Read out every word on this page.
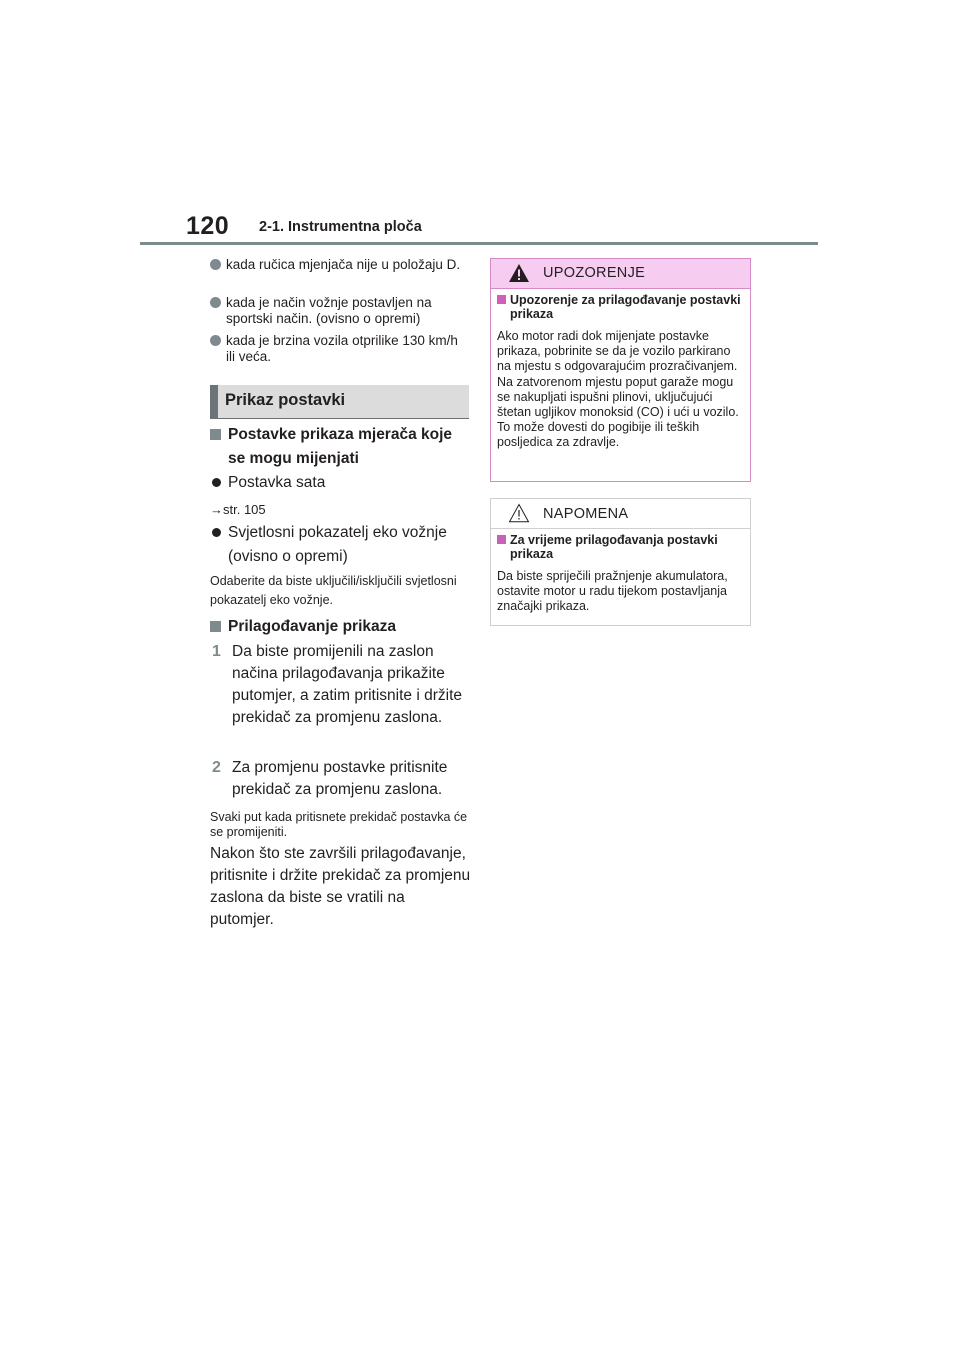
120 2-1. Instrumentna ploča
kada ručica mjenjača nije u položaju D.
kada je način vožnje postavljen na sportski način. (ovisno o opremi)
kada je brzina vozila otprilike 130 km/h ili veća.
Prikaz postavki
Postavke prikaza mjerača koje se mogu mijenjati
Postavka sata
→str. 105
Svjetlosni pokazatelj eko vožnje (ovisno o opremi)
Odaberite da biste uključili/isključili svjetlosni pokazatelj eko vožnje.
Prilagođavanje prikaza
1 Da biste promijenili na zaslon načina prilagođavanja prikažite putomjer, a zatim pritisnite i držite prekidač za promjenu zaslona.
2 Za promjenu postavke pritisnite prekidač za promjenu zaslona.
Svaki put kada pritisnete prekidač postavka će se promijeniti.
Nakon što ste završili prilagođavanje, pritisnite i držite prekidač za promjenu zaslona da biste se vratili na putomjer.
UPOZORENJE
Upozorenje za prilagođavanje postavki prikaza
Ako motor radi dok mijenjate postavke prikaza, pobrinite se da je vozilo parkirano na mjestu s odgovarajućim prozračivanjem. Na zatvorenom mjestu poput garaže mogu se nakupljati ispušni plinovi, uključujući štetan ugljikov monoksid (CO) i ući u vozilo. To može dovesti do pogibije ili teških posljedica za zdravlje.
NAPOMENA
Za vrijeme prilagođavanja postavki prikaza
Da biste spriječili pražnjenje akumulatora, ostavite motor u radu tijekom postavljanja značajki prikaza.
